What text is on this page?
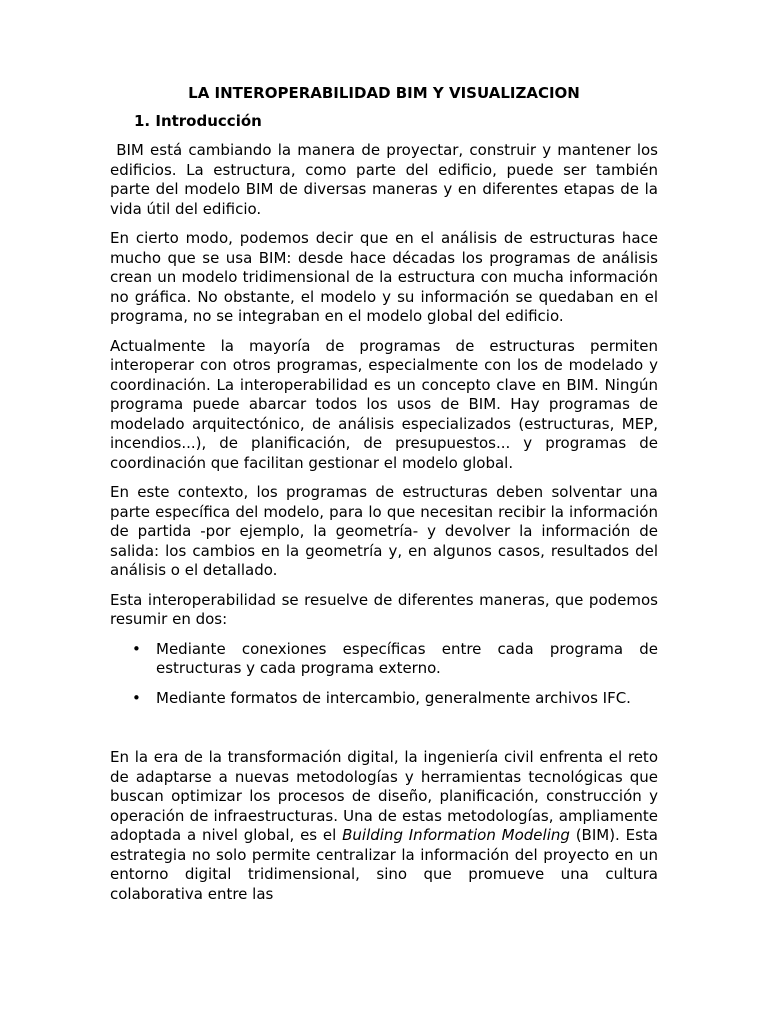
LA INTEROPERABILIDAD BIM Y VISUALIZACION
1. Introducción

BIM está cambiando la manera de proyectar, construir y mantener los edificios. La estructura, como parte del edificio, puede ser también parte del modelo BIM de diversas maneras y en diferentes etapas de la vida útil del edificio.

En cierto modo, podemos decir que en el análisis de estructuras hace mucho que se usa BIM: desde hace décadas los programas de análisis crean un modelo tridimensional de la estructura con mucha información no gráfica. No obstante, el modelo y su información se quedaban en el programa, no se integraban en el modelo global del edificio.

Actualmente la mayoría de programas de estructuras permiten interoperar con otros programas, especialmente con los de modelado y coordinación. La interoperabilidad es un concepto clave en BIM. Ningún programa puede abarcar todos los usos de BIM. Hay programas de modelado arquitectónico, de análisis especializados (estructuras, MEP, incendios...), de planificación, de presupuestos... y programas de coordinación que facilitan gestionar el modelo global.

En este contexto, los programas de estructuras deben solventar una parte específica del modelo, para lo que necesitan recibir la información de partida -por ejemplo, la geometría- y devolver la información de salida: los cambios en la geometría y, en algunos casos, resultados del análisis o el detallado.

Esta interoperabilidad se resuelve de diferentes maneras, que podemos resumir en dos:

• Mediante conexiones específicas entre cada programa de estructuras y cada programa externo.
• Mediante formatos de intercambio, generalmente archivos IFC.

En la era de la transformación digital, la ingeniería civil enfrenta el reto de adaptarse a nuevas metodologías y herramientas tecnológicas que buscan optimizar los procesos de diseño, planificación, construcción y operación de infraestructuras. Una de estas metodologías, ampliamente adoptada a nivel global, es el Building Information Modeling (BIM). Esta estrategia no solo permite centralizar la información del proyecto en un entorno digital tridimensional, sino que promueve una cultura colaborativa entre las
